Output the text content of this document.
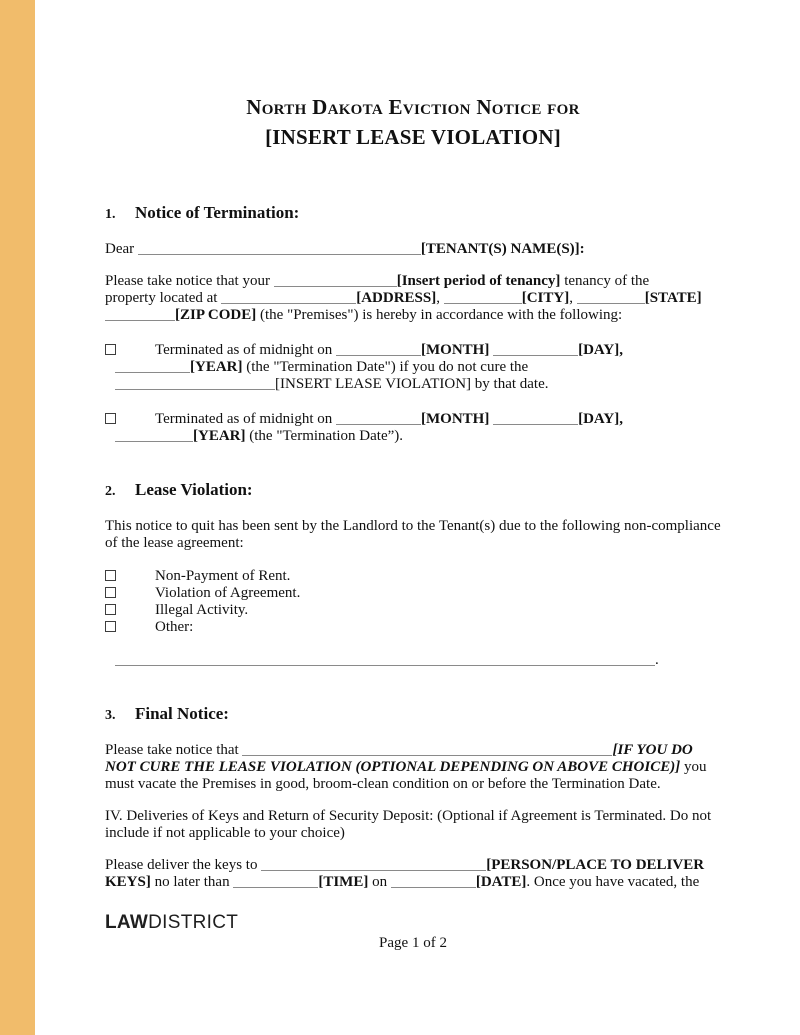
North Dakota Eviction Notice for
[INSERT LEASE VIOLATION]
1. Notice of Termination:

Dear	[TENANT(S) NAME(S)]:

Please take notice that your	[Insert period of tenancy] tenancy of the
property located at	[ADDRESS],	[CITY],	[STATE]
[ZIP CODE] (the "Premises") is hereby in accordance with the following:

Terminated as of midnight on	[MONTH]	[DAY],
[YEAR] (the "Termination Date") if you do not cure the
[INSERT LEASE VIOLATION] by that date.
Terminated as of midnight on	[MONTH]	[DAY],
[YEAR] (the "Termination Date”).
2. Lease Violation:

This notice to quit has been sent by the Landlord to the Tenant(s) due to the following non-compliance of the lease agreement:

Non-Payment of Rent.
Violation of Agreement.
Illegal Activity.
Other:

.

3. Final Notice:

Please take notice that	[IF YOU DO
NOT CURE THE LEASE VIOLATION (OPTIONAL DEPENDING ON ABOVE CHOICE)] you
must vacate the Premises in good, broom-clean condition on or before the Termination Date.

IV. Deliveries of Keys and Return of Security Deposit: (Optional if Agreement is Terminated. Do not include if not applicable to your choice)

Please deliver the keys to	[PERSON/PLACE TO DELIVER
KEYS] no later than	[TIME] on	[DATE]. Once you have vacated, the

LAWDISTRICT
Page 1 of 2
